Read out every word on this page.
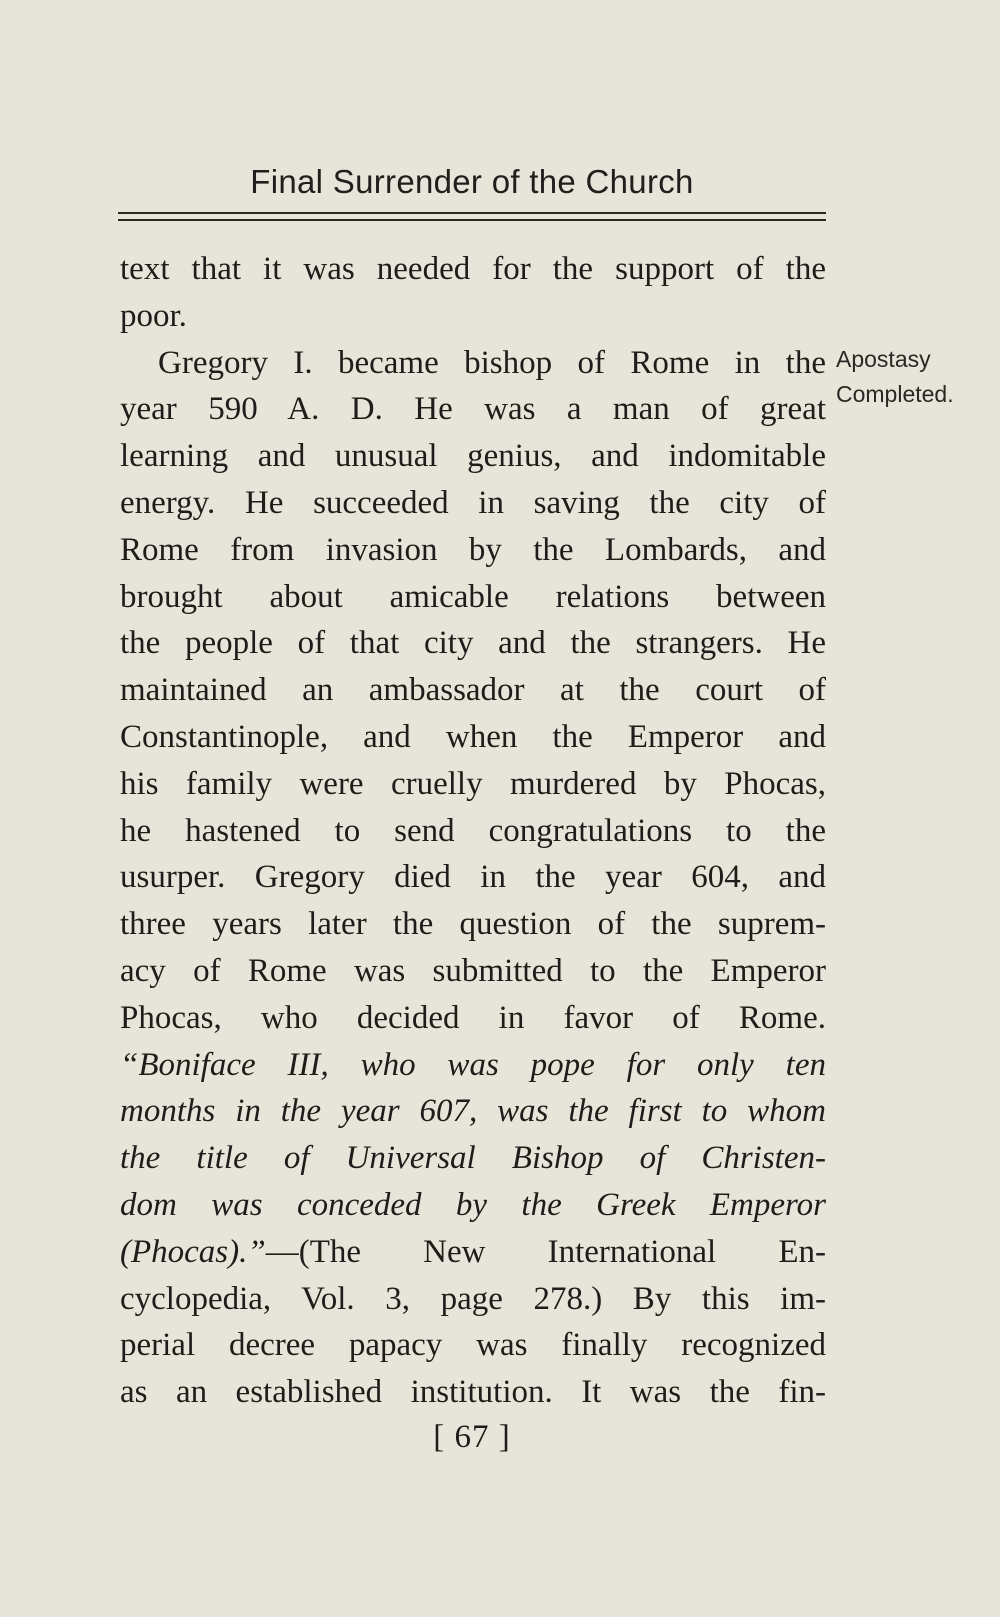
Final Surrender of the Church
text that it was needed for the support of the
poor.
Gregory I. became bishop of Rome in the
year 590 A. D. He was a man of great
learning and unusual genius, and indomitable
energy. He succeeded in saving the city of
Rome from invasion by the Lombards, and
brought about amicable relations between
the people of that city and the strangers. He
maintained an ambassador at the court of
Constantinople, and when the Emperor and
his family were cruelly murdered by Phocas,
he hastened to send congratulations to the
usurper. Gregory died in the year 604, and
three years later the question of the suprem-
acy of Rome was submitted to the Emperor
Phocas, who decided in favor of Rome.
“Boniface III, who was pope for only ten
months in the year 607, was the first to whom
the title of Universal Bishop of Christen-
dom was conceded by the Greek Emperor
(Phocas).”—(The New International En-
cyclopedia, Vol. 3, page 278.) By this im-
perial decree papacy was finally recognized
as an established institution. It was the fin-
Apostasy
Completed.
[ 67 ]
